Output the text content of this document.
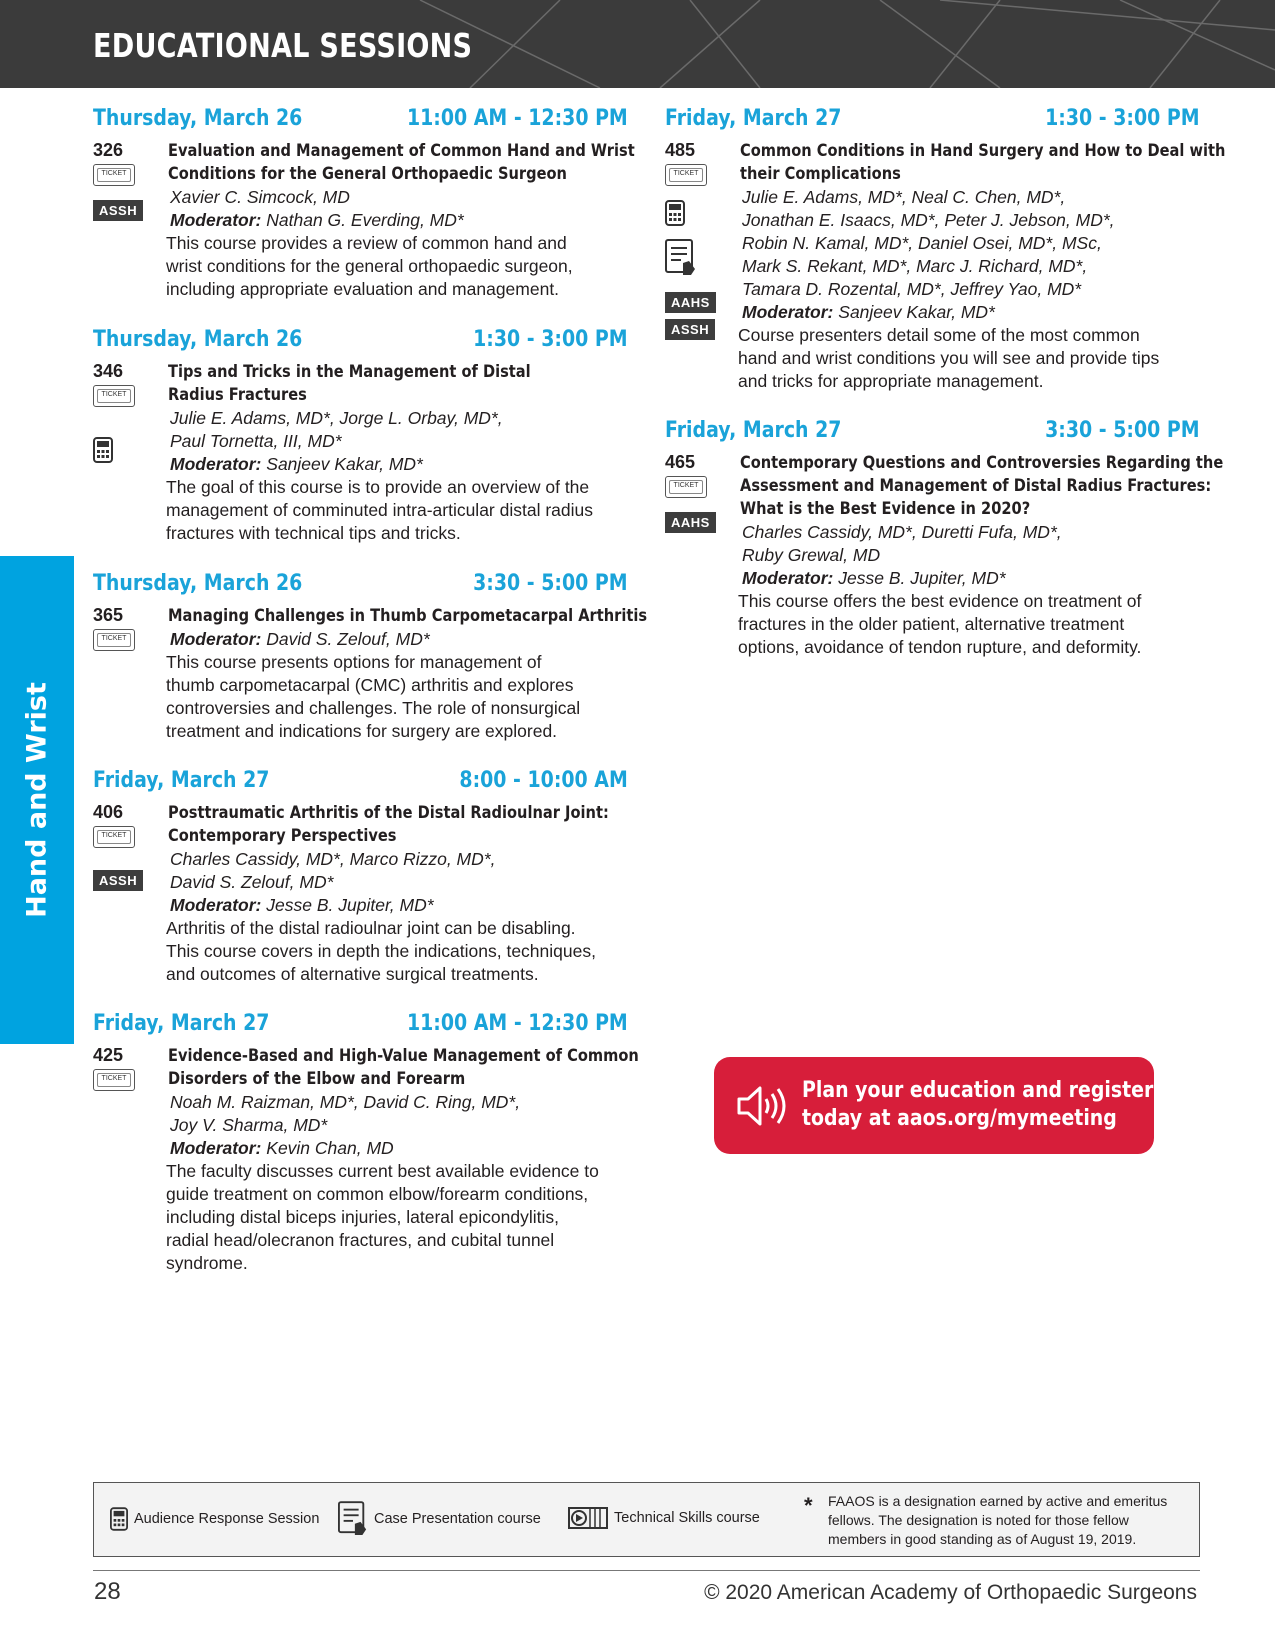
EDUCATIONAL SESSIONS
Hand and Wrist
Thursday, March 26	11:00 AM - 12:30 PM
326
TICKET
ASSH
Evaluation and Management of Common Hand and Wrist
Conditions for the General Orthopaedic Surgeon
Xavier C. Simcock, MD
Moderator: Nathan G. Everding, MD*
This course provides a review of common hand and
wrist conditions for the general orthopaedic surgeon,
including appropriate evaluation and management.
Thursday, March 26	1:30 - 3:00 PM
346
TICKET
Tips and Tricks in the Management of Distal
Radius Fractures
Julie E. Adams, MD*, Jorge L. Orbay, MD*,
Paul Tornetta, III, MD*
Moderator: Sanjeev Kakar, MD*
The goal of this course is to provide an overview of the
management of comminuted intra-articular distal radius
fractures with technical tips and tricks.
Thursday, March 26	3:30 - 5:00 PM
365
TICKET
Managing Challenges in Thumb Carpometacarpal Arthritis
Moderator: David S. Zelouf, MD*
This course presents options for management of
thumb carpometacarpal (CMC) arthritis and explores
controversies and challenges. The role of nonsurgical
treatment and indications for surgery are explored.
Friday, March 27	8:00 - 10:00 AM
406
TICKET
ASSH
Posttraumatic Arthritis of the Distal Radioulnar Joint:
Contemporary Perspectives
Charles Cassidy, MD*, Marco Rizzo, MD*,
David S. Zelouf, MD*
Moderator: Jesse B. Jupiter, MD*
Arthritis of the distal radioulnar joint can be disabling.
This course covers in depth the indications, techniques,
and outcomes of alternative surgical treatments.
Friday, March 27	11:00 AM - 12:30 PM
425
TICKET
Evidence-Based and High-Value Management of Common
Disorders of the Elbow and Forearm
Noah M. Raizman, MD*, David C. Ring, MD*,
Joy V. Sharma, MD*
Moderator: Kevin Chan, MD
The faculty discusses current best available evidence to
guide treatment on common elbow/forearm conditions,
including distal biceps injuries, lateral epicondylitis,
radial head/olecranon fractures, and cubital tunnel
syndrome.
Friday, March 27	1:30 - 3:00 PM
485
TICKET
AAHS ASSH
Common Conditions in Hand Surgery and How to Deal with
their Complications
Julie E. Adams, MD*, Neal C. Chen, MD*,
Jonathan E. Isaacs, MD*, Peter J. Jebson, MD*,
Robin N. Kamal, MD*, Daniel Osei, MD*, MSc,
Mark S. Rekant, MD*, Marc J. Richard, MD*,
Tamara D. Rozental, MD*, Jeffrey Yao, MD*
Moderator: Sanjeev Kakar, MD*
Course presenters detail some of the most common
hand and wrist conditions you will see and provide tips
and tricks for appropriate management.
Friday, March 27	3:30 - 5:00 PM
465
TICKET
AAHS
Contemporary Questions and Controversies Regarding the
Assessment and Management of Distal Radius Fractures:
What is the Best Evidence in 2020?
Charles Cassidy, MD*, Duretti Fufa, MD*,
Ruby Grewal, MD
Moderator: Jesse B. Jupiter, MD*
This course offers the best evidence on treatment of
fractures in the older patient, alternative treatment
options, avoidance of tendon rupture, and deformity.
Plan your education and register
today at aaos.org/mymeeting
Audience Response Session	Case Presentation course	Technical Skills course * FAAOS is a designation earned by active and emeritus fellows. The designation is noted for those fellow members in good standing as of August 19, 2019.
28	© 2020 American Academy of Orthopaedic Surgeons
